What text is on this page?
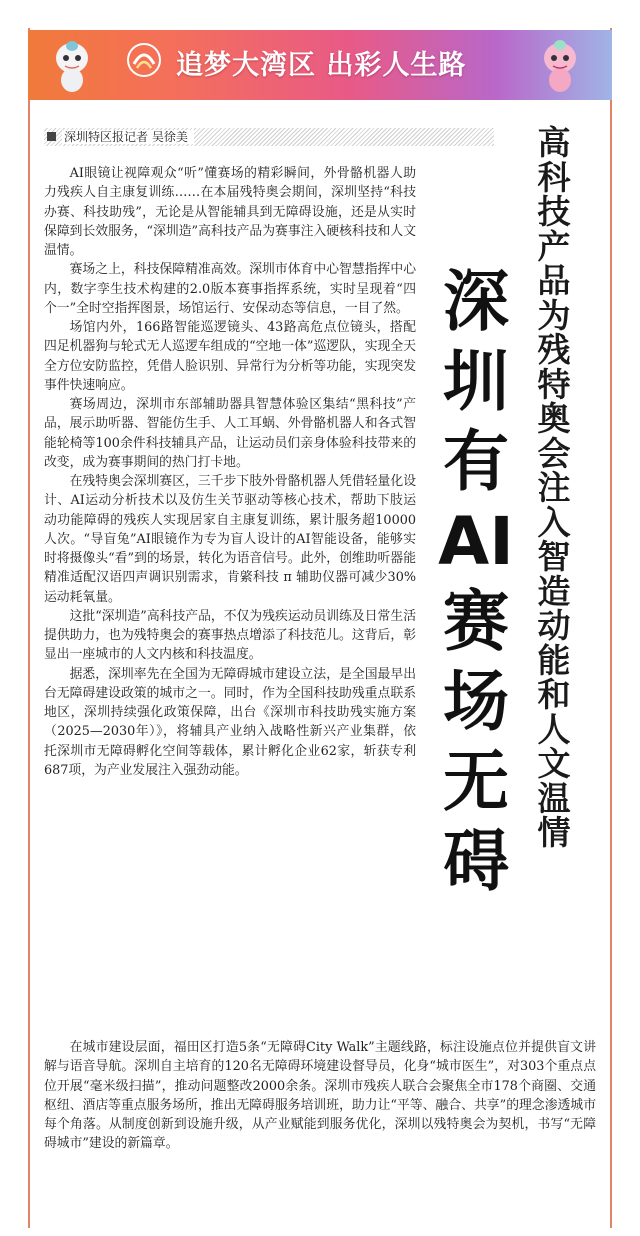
追梦大湾区 出彩人生路
深圳特区报记者 吴徐美	高科技产品为残特奥会注入智造动能和人文温情
深圳有AI 赛场无碍

AI眼镜让视障观众“听”懂赛场的精彩瞬间，外骨骼机器人助力残疾人自主康复训练……在本届残特奥会期间，深圳坚持“科技办赛、科技助残”，无论是从智能辅具到无障碍设施，还是从实时保障到长效服务，“深圳造”高科技产品为赛事注入硬核科技和人文温情。

赛场之上，科技保障精准高效。深圳市体育中心智慧指挥中心内，数字孪生技术构建的2.0版本赛事指挥系统，实时呈现着“四个一”全时空指挥图景，场馆运行、安保动态等信息，一目了然。

场馆内外，166路智能巡逻镜头、43路高危点位镜头，搭配四足机器狗与轮式无人巡逻车组成的“空地一体”巡逻队，实现全天全方位安防监控，凭借人脸识别、异常行为分析等功能，实现突发事件快速响应。

赛场周边，深圳市东部辅助器具智慧体验区集结“黑科技”产品，展示助听器、智能仿生手、人工耳蜗、外骨骼机器人和各式智能轮椅等100余件科技辅具产品，让运动员们亲身体验科技带来的改变，成为赛事期间的热门打卡地。

在残特奥会深圳赛区，三千步下肢外骨骼机器人凭借轻量化设计、AI运动分析技术以及仿生关节驱动等核心技术，帮助下肢运动功能障碍的残疾人实现居家自主康复训练，累计服务超10000人次。“导盲兔”AI眼镜作为专为盲人设计的AI智能设备，能够实时将摄像头“看”到的场景，转化为语音信号。此外，创维助听器能精准适配汉语四声调识别需求，肯綮科技 π 辅助仪器可减少30%运动耗氧量。

这批“深圳造”高科技产品，不仅为残疾运动员训练及日常生活提供助力，也为残特奥会的赛事热点增添了科技范儿。这背后，彰显出一座城市的人文内核和科技温度。

据悉，深圳率先在全国为无障碍城市建设立法，是全国最早出台无障碍建设政策的城市之一。同时，作为全国科技助残重点联系地区，深圳持续强化政策保障，出台《深圳市科技助残实施方案（2025—2030年）》，将辅具产业纳入战略性新兴产业集群，依托深圳市无障碍孵化空间等载体，累计孵化企业62家，斩获专利687项，为产业发展注入强劲动能。

在城市建设层面，福田区打造5条“无障碍City Walk”主题线路，标注设施点位并提供盲文讲解与语音导航。深圳自主培育的120名无障碍环境建设督导员，化身“城市医生”，对303个重点点位开展“毫米级扫描”，推动问题整改2000余条。深圳市残疾人联合会聚焦全市178个商圈、交通枢纽、酒店等重点服务场所，推出无障碍服务培训班，助力让“平等、融合、共享”的理念渗透城市每个角落。从制度创新到设施升级，从产业赋能到服务优化，深圳以残特奥会为契机，书写“无障碍城市”建设的新篇章。
